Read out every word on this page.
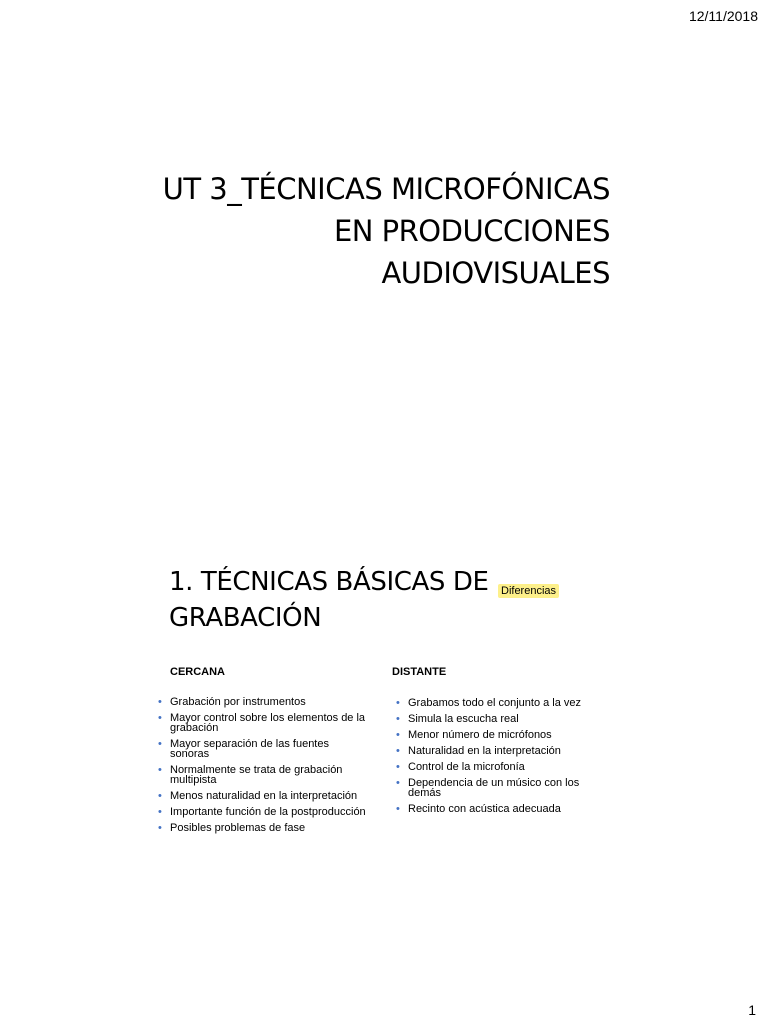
12/11/2018
UT 3_TÉCNICAS MICROFÓNICAS
EN PRODUCCIONES
AUDIOVISUALES
1. TÉCNICAS BÁSICAS DE
GRABACIÓN
Diferencias
CERCANA	DISTANTE
• Grabación por instrumentos
• Mayor control sobre los elementos de la grabación
• Mayor separación de las fuentes sonoras
• Normalmente se trata de grabación multipista
• Menos naturalidad en la interpretación
• Importante función de la postproducción
• Posibles problemas de fase
• Grabamos todo el conjunto a la vez
• Simula la escucha real
• Menor número de micrófonos
• Naturalidad en la interpretación
• Control de la microfonía
• Dependencia de un músico con los demás
• Recinto con acústica adecuada
1
